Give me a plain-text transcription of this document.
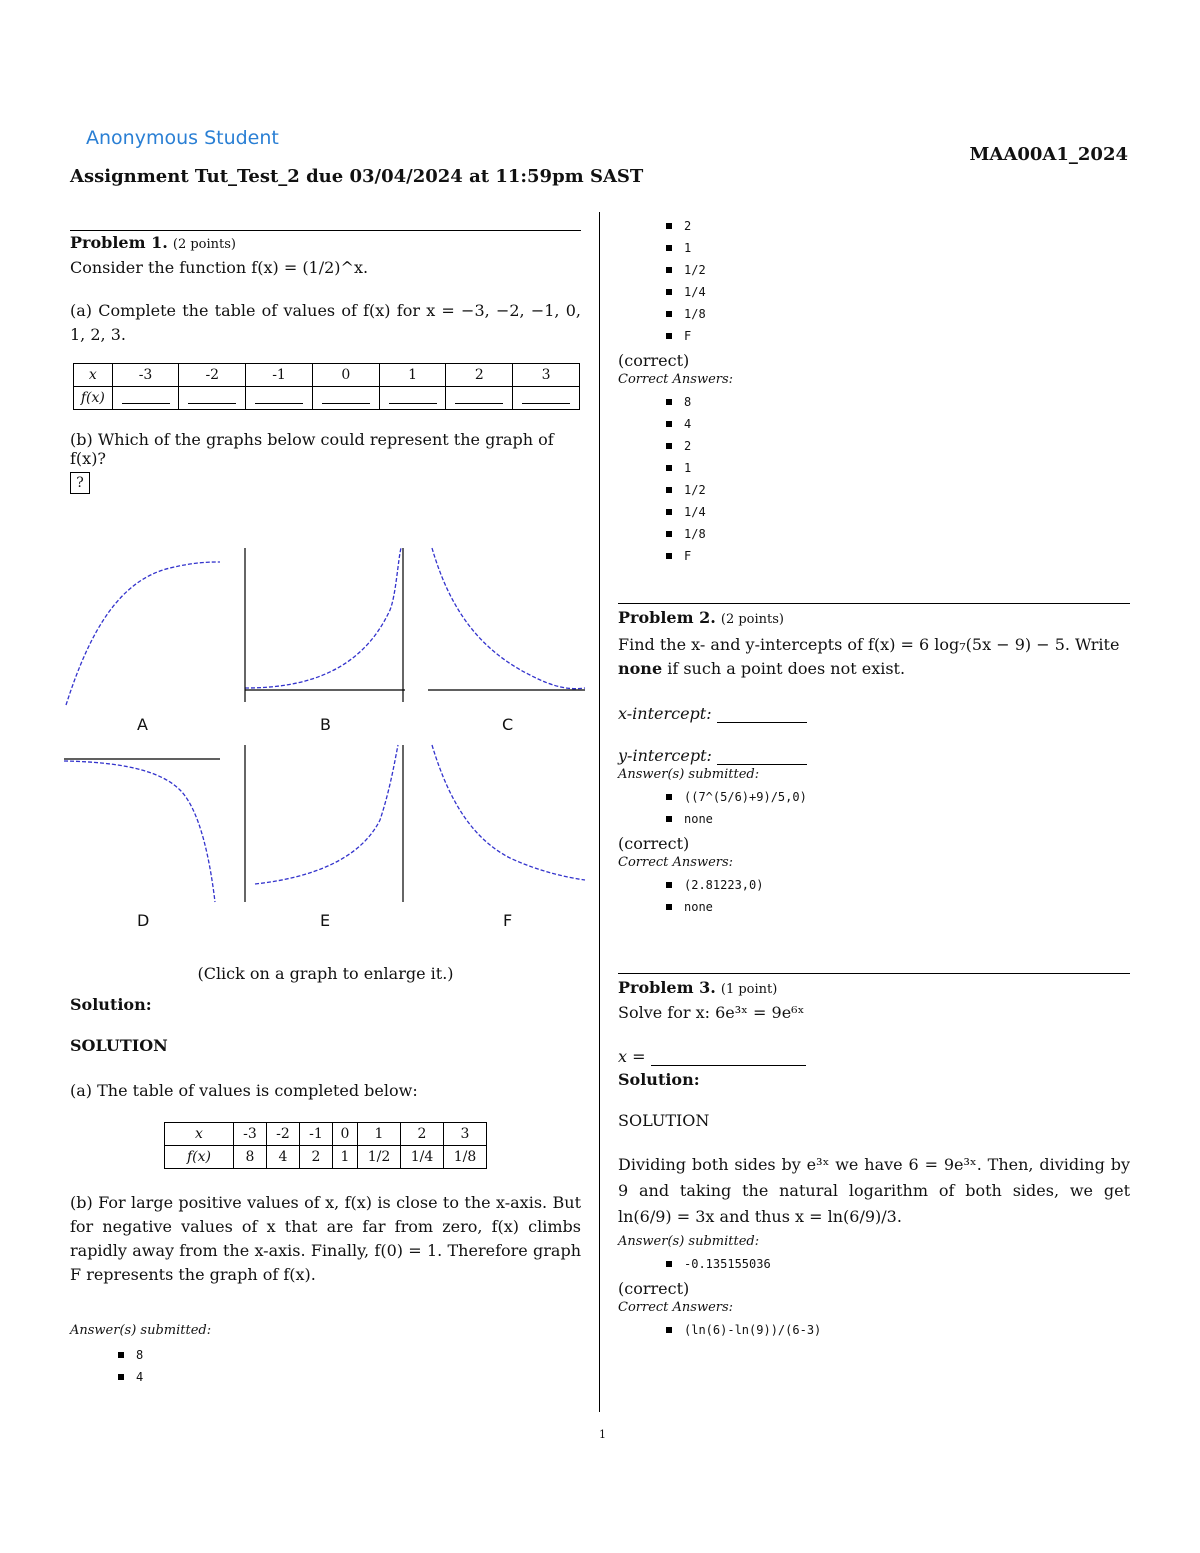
Anonymous Student
MAA00A1_2024
Assignment Tut_Test_2 due 03/04/2024 at 11:59pm SAST

Problem 1. (2 points)

Consider the function f(x) = (1/2)^x.

(a) Complete the table of values of f(x) for x = −3, −2, −1, 0, 1, 2, 3.

x	-3	-2	-1	0	1	2	3
f(x)							

(b) Which of the graphs below could represent the graph of f(x)?

?

A	B	C
D	E	F

(Click on a graph to enlarge it.)

Solution:

SOLUTION

(a) The table of values is completed below:

x	-3	-2	-1	0	1	2	3
f(x)	8	4	2	1	1/2	1/4	1/8

(b) For large positive values of x, f(x) is close to the x-axis. But for negative values of x that are far from zero, f(x) climbs rapidly away from the x-axis. Finally, f(0) = 1. Therefore graph F represents the graph of f(x).

Answer(s) submitted:

8
4
2
1
1/2
1/4
1/8
F

(correct)

Correct Answers:

8
4
2
1
1/2
1/4
1/8
F

Problem 2. (2 points)

Find the x- and y-intercepts of f(x) = 6 log₇(5x − 9) − 5. Write none if such a point does not exist.

x-intercept:

y-intercept:

Answer(s) submitted:

((7^(5/6)+9)/5,0)
none

(correct)

Correct Answers:

(2.81223,0)
none

Problem 3. (1 point)

Solve for x: 6e³ˣ = 9e⁶ˣ

x =

Solution:

SOLUTION

Dividing both sides by e³ˣ we have 6 = 9e³ˣ. Then, dividing by 9 and taking the natural logarithm of both sides, we get ln(6/9) = 3x and thus x = ln(6/9)/3.

Answer(s) submitted:

-0.135155036

(correct)

Correct Answers:

(ln(6)-ln(9))/(6-3)
1
